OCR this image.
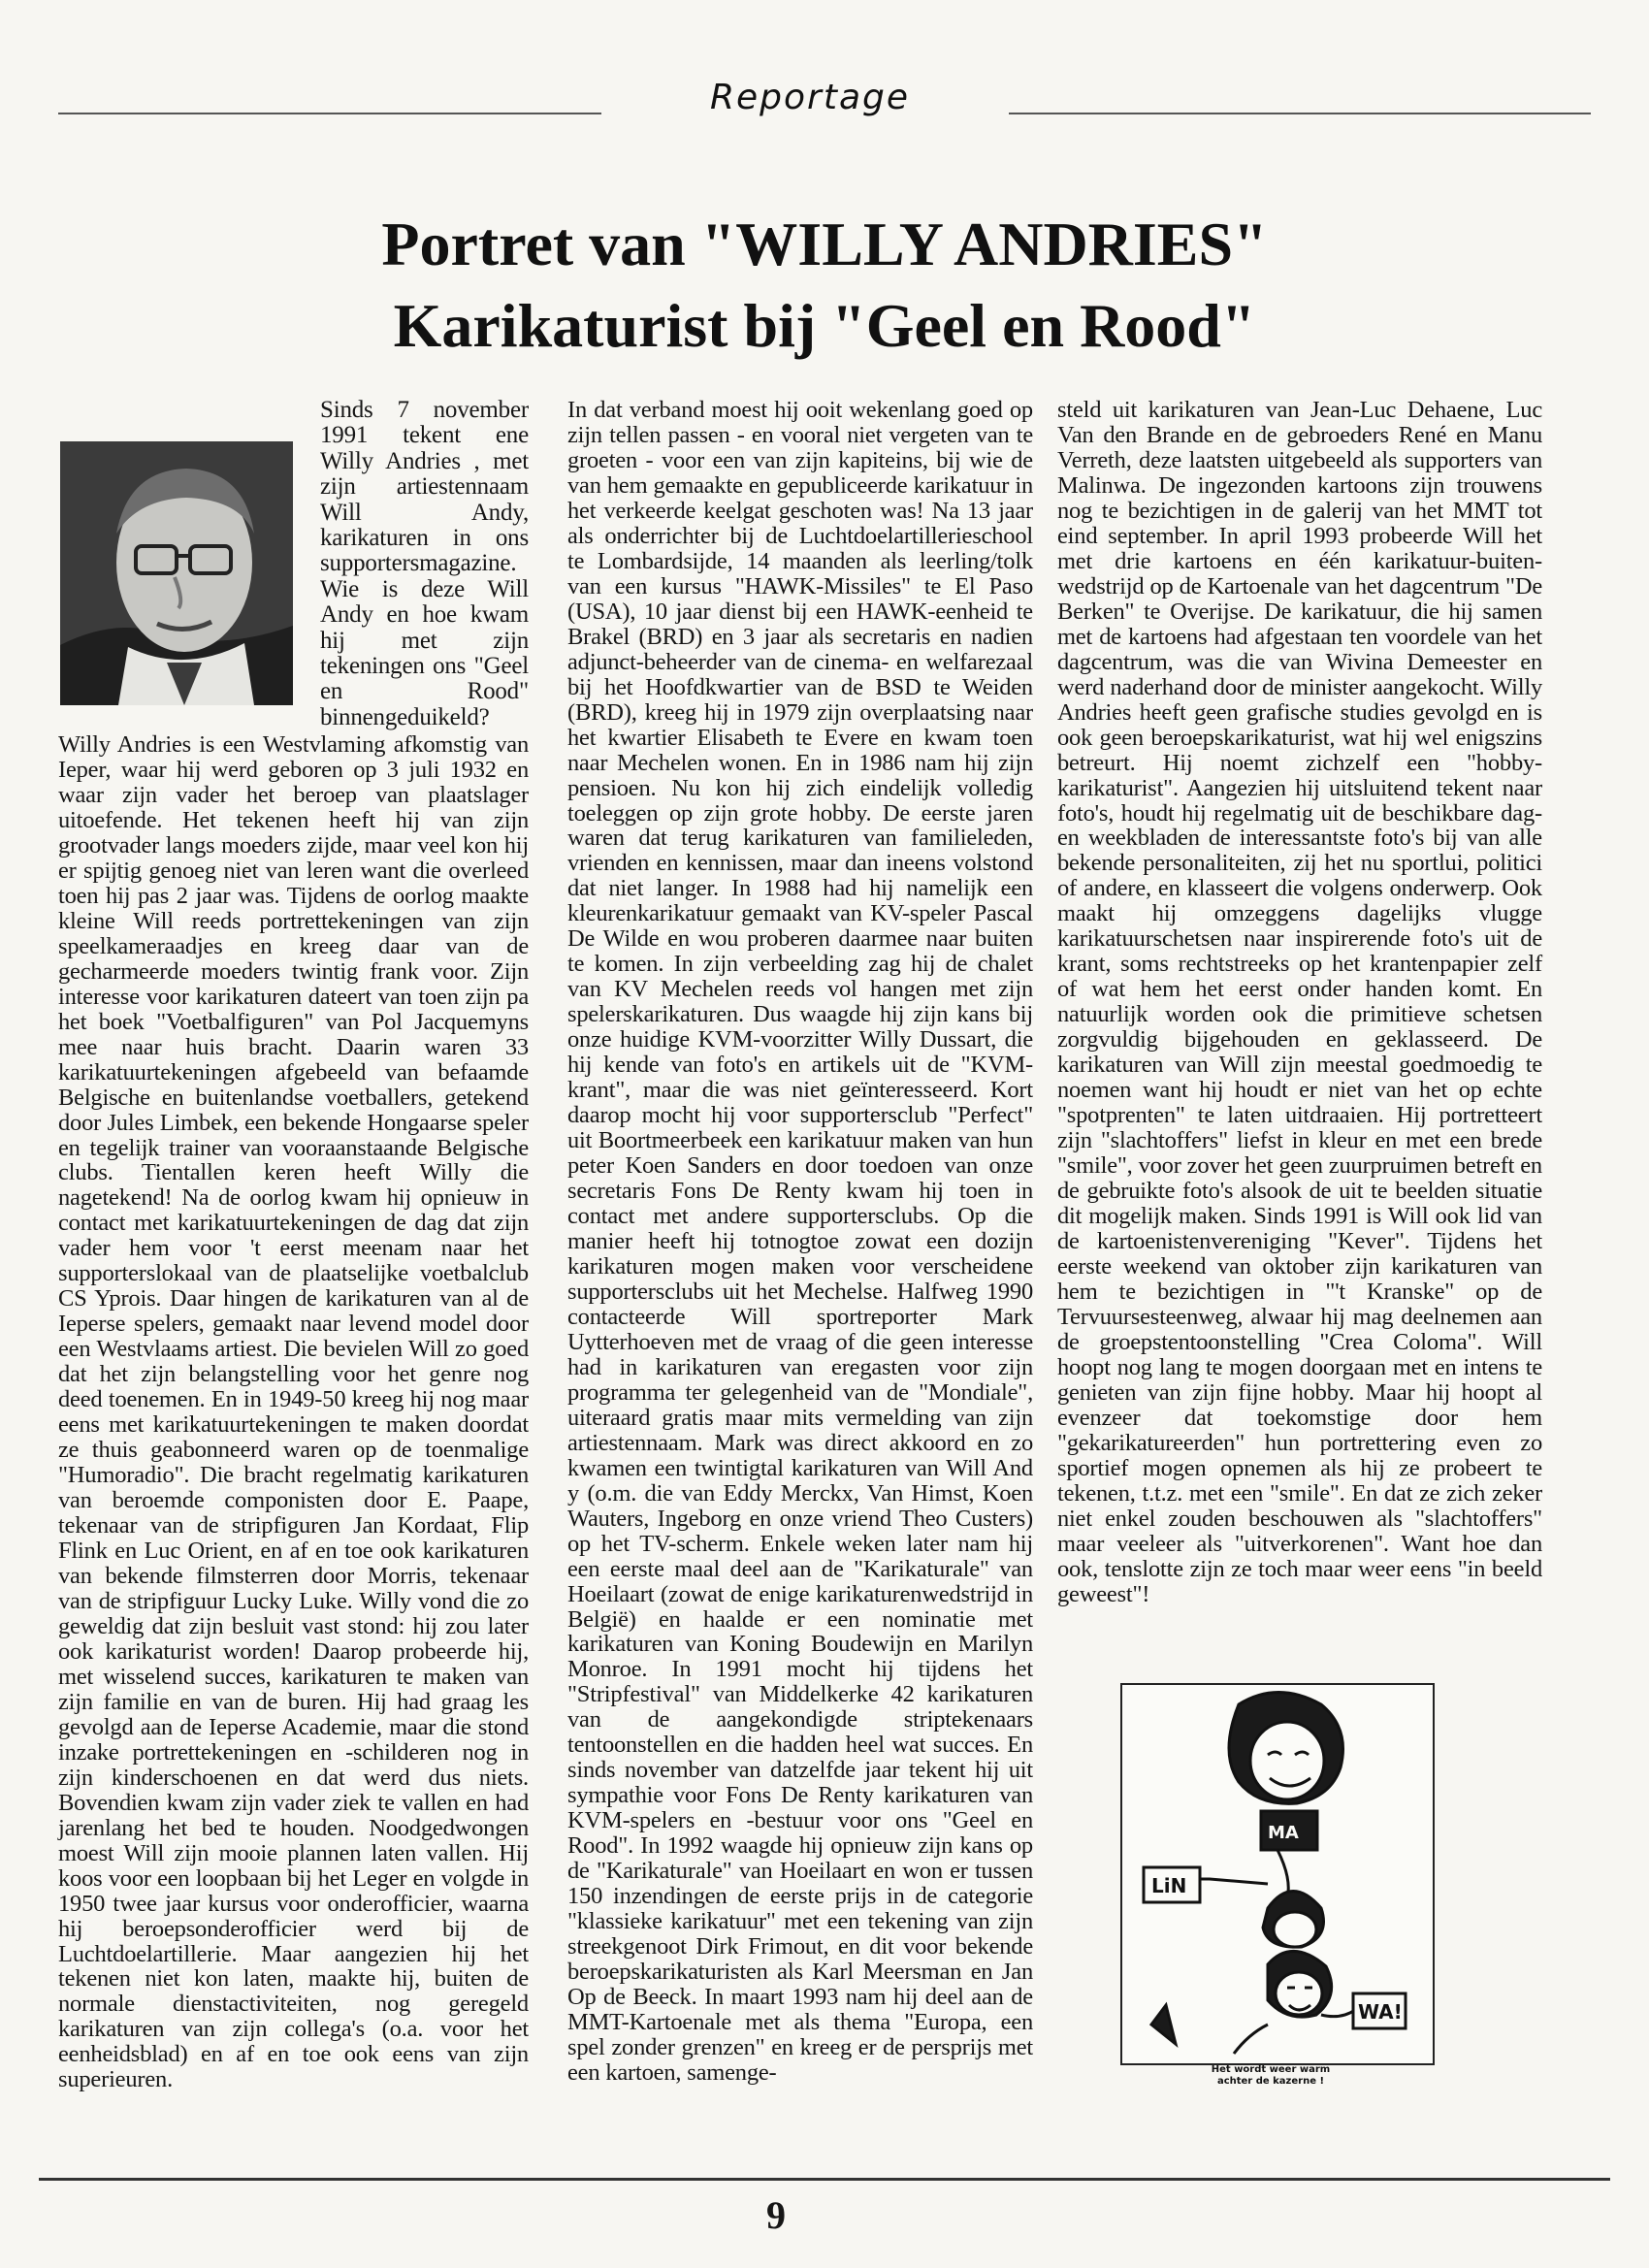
Reportage
Portret van "WILLY ANDRIES"
Karikaturist bij "Geel en Rood"

Sinds 7 november 1991 tekent ene Willy Andries , met zijn artiestennaam Will Andy, karikaturen in ons supportersmagazine. Wie is deze Will Andy en hoe kwam hij met zijn tekeningen ons "Geel en Rood" binnengeduikeld?

Willy Andries is een Westvlaming afkomstig van Ieper, waar hij werd geboren op 3 juli 1932 en waar zijn vader het beroep van plaatslager uitoefende. Het tekenen heeft hij van zijn grootvader langs moeders zijde, maar veel kon hij er spijtig genoeg niet van leren want die overleed toen hij pas 2 jaar was. Tijdens de oorlog maakte kleine Will reeds portrettekeningen van zijn speelkameraadjes en kreeg daar van de gecharmeerde moeders twintig frank voor. Zijn interesse voor karikaturen dateert van toen zijn pa het boek "Voetbalfiguren" van Pol Jacquemyns mee naar huis bracht. Daarin waren 33 karikatuurtekeningen afgebeeld van befaamde Belgische en buitenlandse voetballers, getekend door Jules Limbek, een bekende Hongaarse speler en tegelijk trainer van vooraanstaande Belgische clubs. Tientallen keren heeft Willy die nagetekend! Na de oorlog kwam hij opnieuw in contact met karikatuurtekeningen de dag dat zijn vader hem voor 't eerst meenam naar het supporterslokaal van de plaatselijke voetbalclub CS Yprois. Daar hingen de karikaturen van al de Ieperse spelers, gemaakt naar levend model door een Westvlaams artiest. Die bevielen Will zo goed dat het zijn belangstelling voor het genre nog deed toenemen. En in 1949-50 kreeg hij nog maar eens met karikatuurtekeningen te maken doordat ze thuis geabonneerd waren op de toenmalige "Humoradio". Die bracht regelmatig karikaturen van beroemde componisten door E. Paape, tekenaar van de stripfiguren Jan Kordaat, Flip Flink en Luc Orient, en af en toe ook karikaturen van bekende filmsterren door Morris, tekenaar van de stripfiguur Lucky Luke. Willy vond die zo geweldig dat zijn besluit vast stond: hij zou later ook karikaturist worden! Daarop probeerde hij, met wisselend succes, karikaturen te maken van zijn familie en van de buren. Hij had graag les gevolgd aan de Ieperse Academie, maar die stond inzake portrettekeningen en -schilderen nog in zijn kinderschoenen en dat werd dus niets. Bovendien kwam zijn vader ziek te vallen en had jarenlang het bed te houden. Noodgedwongen moest Will zijn mooie plannen laten vallen. Hij koos voor een loopbaan bij het Leger en volgde in 1950 twee jaar kursus voor onderofficier, waarna hij beroepsonderofficier werd bij de Luchtdoelartillerie. Maar aangezien hij het tekenen niet kon laten, maakte hij, buiten de normale dienstactiviteiten, nog geregeld karikaturen van zijn collega's (o.a. voor het eenheidsblad) en af en toe ook eens van zijn superieuren.

In dat verband moest hij ooit wekenlang goed op zijn tellen passen - en vooral niet vergeten van te groeten - voor een van zijn kapiteins, bij wie de van hem gemaakte en gepubliceerde karikatuur in het verkeerde keelgat geschoten was! Na 13 jaar als onderrichter bij de Luchtdoelartillerieschool te Lombardsijde, 14 maanden als leerling/tolk van een kursus "HAWK-Missiles" te El Paso (USA), 10 jaar dienst bij een HAWK-eenheid te Brakel (BRD) en 3 jaar als secretaris en nadien adjunct-beheerder van de cinema- en welfarezaal bij het Hoofdkwartier van de BSD te Weiden (BRD), kreeg hij in 1979 zijn overplaatsing naar het kwartier Elisabeth te Evere en kwam toen naar Mechelen wonen. En in 1986 nam hij zijn pensioen. Nu kon hij zich eindelijk volledig toeleggen op zijn grote hobby. De eerste jaren waren dat terug karikaturen van familieleden, vrienden en kennissen, maar dan ineens volstond dat niet langer. In 1988 had hij namelijk een kleurenkarikatuur gemaakt van KV-speler Pascal De Wilde en wou proberen daarmee naar buiten te komen. In zijn verbeelding zag hij de chalet van KV Mechelen reeds vol hangen met zijn spelerskarikaturen. Dus waagde hij zijn kans bij onze huidige KVM-voorzitter Willy Dussart, die hij kende van foto's en artikels uit de "KVM-krant", maar die was niet geïnteresseerd. Kort daarop mocht hij voor supportersclub "Perfect" uit Boortmeerbeek een karikatuur maken van hun peter Koen Sanders en door toedoen van onze secretaris Fons De Renty kwam hij toen in contact met andere supportersclubs. Op die manier heeft hij totnogtoe zowat een dozijn karikaturen mogen maken voor verscheidene supportersclubs uit het Mechelse. Halfweg 1990 contacteerde Will sportreporter Mark Uytterhoeven met de vraag of die geen interesse had in karikaturen van eregasten voor zijn programma ter gelegenheid van de "Mondiale", uiteraard gratis maar mits vermelding van zijn artiestennaam. Mark was direct akkoord en zo kwamen een twintigtal karikaturen van Will And y (o.m. die van Eddy Merckx, Van Himst, Koen Wauters, Ingeborg en onze vriend Theo Custers) op het TV-scherm. Enkele weken later nam hij een eerste maal deel aan de "Karikaturale" van Hoeilaart (zowat de enige karikaturenwedstrijd in België) en haalde er een nominatie met karikaturen van Koning Boudewijn en Marilyn Monroe. In 1991 mocht hij tijdens het "Stripfestival" van Middelkerke 42 karikaturen van de aangekondigde striptekenaars tentoonstellen en die hadden heel wat succes. En sinds november van datzelfde jaar tekent hij uit sympathie voor Fons De Renty karikaturen van KVM-spelers en -bestuur voor ons "Geel en Rood". In 1992 waagde hij opnieuw zijn kans op de "Karikaturale" van Hoeilaart en won er tussen 150 inzendingen de eerste prijs in de categorie "klassieke karikatuur" met een tekening van zijn streekgenoot Dirk Frimout, en dit voor bekende beroepskarikaturisten als Karl Meersman en Jan Op de Beeck. In maart 1993 nam hij deel aan de MMT-Kartoenale met als thema "Europa, een spel zonder grenzen" en kreeg er de persprijs met een kartoen, samenge-

steld uit karikaturen van Jean-Luc Dehaene, Luc Van den Brande en de gebroeders René en Manu Verreth, deze laatsten uitgebeeld als supporters van Malinwa. De ingezonden kartoons zijn trouwens nog te bezichtigen in de galerij van het MMT tot eind september. In april 1993 probeerde Will het met drie kartoens en één karikatuur-buiten-wedstrijd op de Kartoenale van het dagcentrum "De Berken" te Overijse. De karikatuur, die hij samen met de kartoens had afgestaan ten voordele van het dagcentrum, was die van Wivina Demeester en werd naderhand door de minister aangekocht. Willy Andries heeft geen grafische studies gevolgd en is ook geen beroepskarikaturist, wat hij wel enigszins betreurt. Hij noemt zichzelf een "hobby-karikaturist". Aangezien hij uitsluitend tekent naar foto's, houdt hij regelmatig uit de beschikbare dag- en weekbladen de interessantste foto's bij van alle bekende personaliteiten, zij het nu sportlui, politici of andere, en klasseert die volgens onderwerp. Ook maakt hij omzeggens dagelijks vlugge karikatuurschetsen naar inspirerende foto's uit de krant, soms rechtstreeks op het krantenpapier zelf of wat hem het eerst onder handen komt. En natuurlijk worden ook die primitieve schetsen zorgvuldig bijgehouden en geklasseerd. De karikaturen van Will zijn meestal goedmoedig te noemen want hij houdt er niet van het op echte "spotprenten" te laten uitdraaien. Hij portretteert zijn "slachtoffers" liefst in kleur en met een brede "smile", voor zover het geen zuurpruimen betreft en de gebruikte foto's alsook de uit te beelden situatie dit mogelijk maken. Sinds 1991 is Will ook lid van de kartoenistenvereniging "Kever". Tijdens het eerste weekend van oktober zijn karikaturen van hem te bezichtigen in "'t Kranske" op de Tervuursesteenweg, alwaar hij mag deelnemen aan de groepstentoonstelling "Crea Coloma". Will hoopt nog lang te mogen doorgaan met en intens te genieten van zijn fijne hobby. Maar hij hoopt al evenzeer dat toekomstige door hem "gekarikatureerden" hun portrettering even zo sportief mogen opnemen als hij ze probeert te tekenen, t.t.z. met een "smile". En dat ze zich zeker niet enkel zouden beschouwen als "slachtoffers" maar veeleer als "uitverkorenen". Want hoe dan ook, tenslotte zijn ze toch maar weer eens "in beeld geweest"!

MA
LiN
WA!
Het wordt weer warm
achter de kazerne !
9
